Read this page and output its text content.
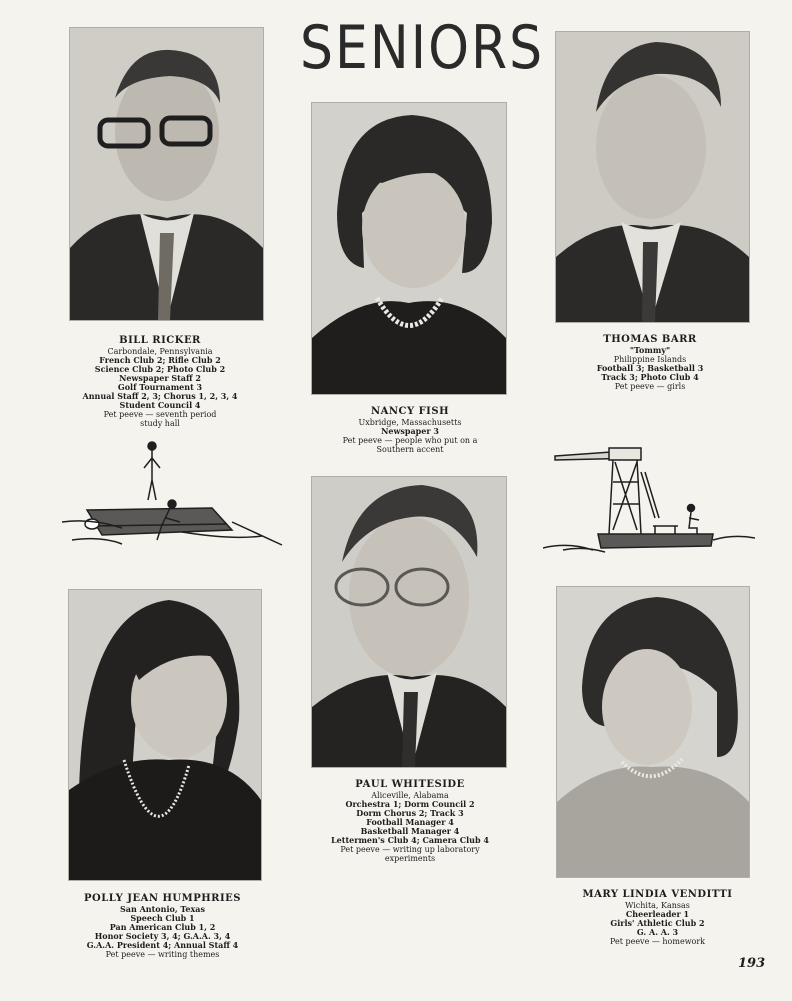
SENIORS
BILL RICKER
Carbondale, Pennsylvania
French Club 2; Rifle Club 2
Science Club 2; Photo Club 2
Newspaper Staff 2
Golf Tournament 3
Annual Staff 2, 3; Chorus 1, 2, 3, 4
Student Council 4
Pet peeve — seventh period
study hall
NANCY FISH
Uxbridge, Massachusetts
Newspaper 3
Pet peeve — people who put on a
Southern accent
THOMAS BARR
"Tommy"
Philippine Islands
Football 3; Basketball 3
Track 3; Photo Club 4
Pet peeve — girls
POLLY JEAN HUMPHRIES
San Antonio, Texas
Speech Club 1
Pan American Club 1, 2
Honor Society 3, 4; G.A.A. 3, 4
G.A.A. President 4; Annual Staff 4
Pet peeve — writing themes
PAUL WHITESIDE
Aliceville, Alabama
Orchestra 1; Dorm Council 2
Dorm Chorus 2; Track 3
Football Manager 4
Basketball Manager 4
Lettermen's Club 4; Camera Club 4
Pet peeve — writing up laboratory
experiments
MARY LINDIA VENDITTI
Wichita, Kansas
Cheerleader 1
Girls' Athletic Club 2
G. A. A. 3
Pet peeve — homework
193
